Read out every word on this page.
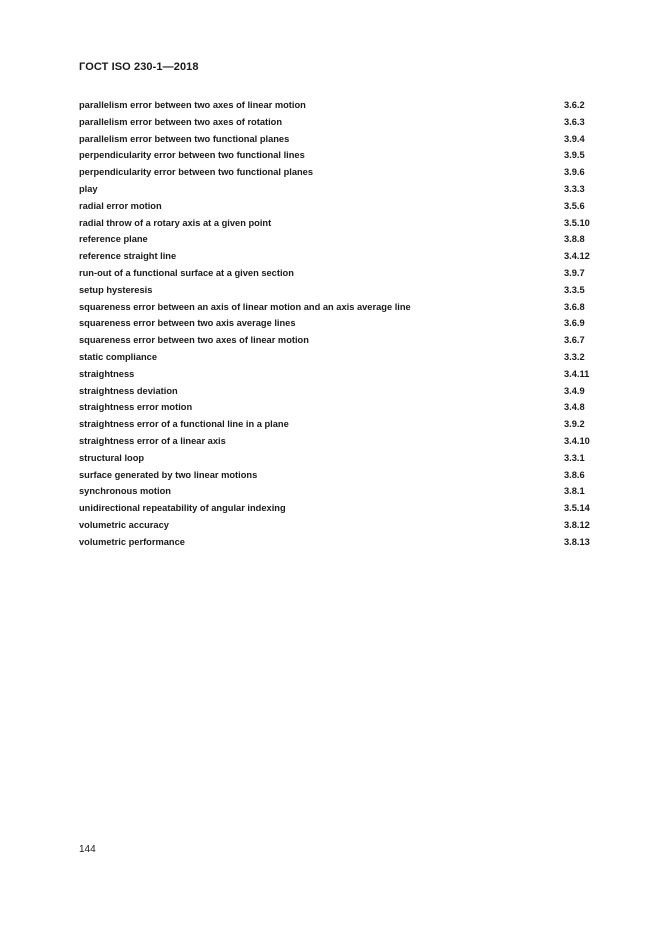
ГОСТ ISO 230-1—2018
parallelism error between two axes of linear motion	3.6.2
parallelism error between two axes of rotation	3.6.3
parallelism error between two functional planes	3.9.4
perpendicularity error between two functional lines	3.9.5
perpendicularity error between two functional planes	3.9.6
play	3.3.3
radial error motion	3.5.6
radial throw of a rotary axis at a given point	3.5.10
reference plane	3.8.8
reference straight line	3.4.12
run-out of a functional surface at a given section	3.9.7
setup hysteresis	3.3.5
squareness error between an axis of linear motion and an axis average line	3.6.8
squareness error between two axis average lines	3.6.9
squareness error between two axes of linear motion	3.6.7
static compliance	3.3.2
straightness	3.4.11
straightness deviation	3.4.9
straightness error motion	3.4.8
straightness error of a functional line in a plane	3.9.2
straightness error of a linear axis	3.4.10
structural loop	3.3.1
surface generated by two linear motions	3.8.6
synchronous motion	3.8.1
unidirectional repeatability of angular indexing	3.5.14
volumetric accuracy	3.8.12
volumetric performance	3.8.13
144
